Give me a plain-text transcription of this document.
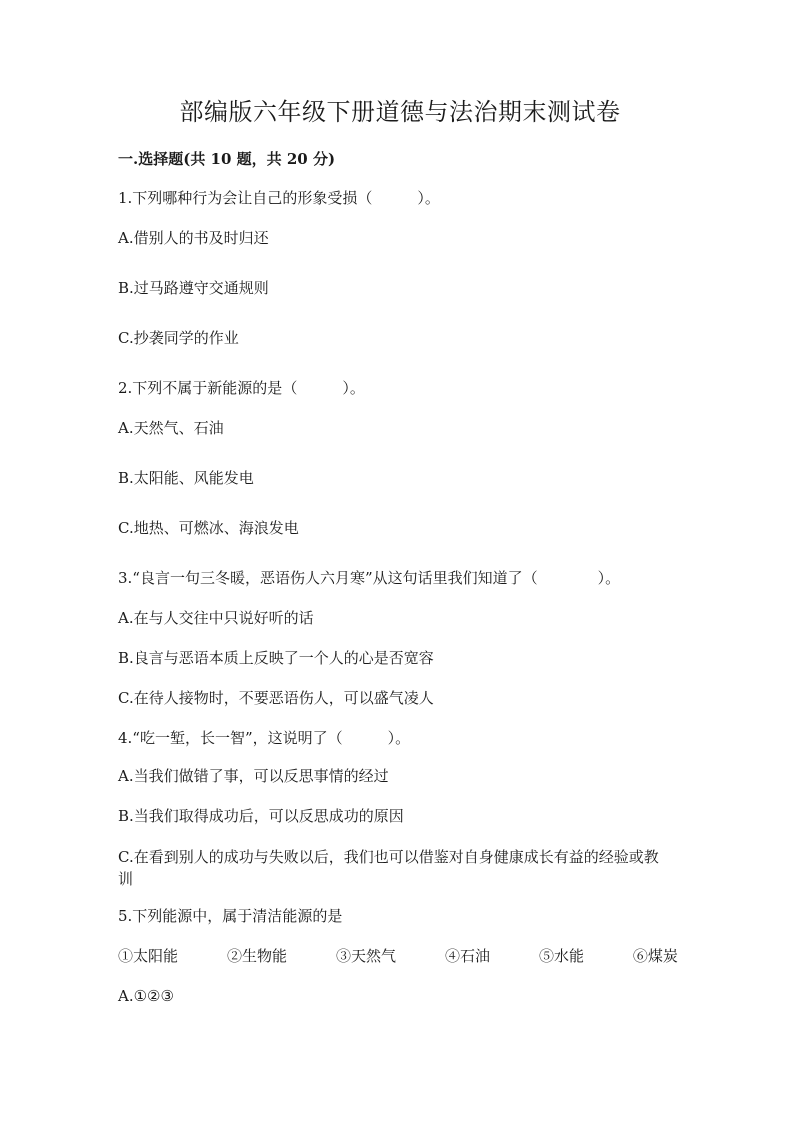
部编版六年级下册道德与法治期末测试卷
一.选择题(共 10 题，共 20 分)
1.下列哪种行为会让自己的形象受损（　　　）。
A.借别人的书及时归还
B.过马路遵守交通规则
C.抄袭同学的作业
2.下列不属于新能源的是（　　　）。
A.天然气、石油
B.太阳能、风能发电
C.地热、可燃冰、海浪发电
3.“良言一句三冬暖，恶语伤人六月寒”从这句话里我们知道了（　　　　）。
A.在与人交往中只说好听的话
B.良言与恶语本质上反映了一个人的心是否宽容
C.在待人接物时，不要恶语伤人，可以盛气凌人
4.“吃一堑，长一智”，这说明了（　　　）。
A.当我们做错了事，可以反思事情的经过
B.当我们取得成功后，可以反思成功的原因
C.在看到别人的成功与失败以后，我们也可以借鉴对自身健康成长有益的经验或教训
5.下列能源中，属于清洁能源的是
①太阳能	②生物能	③天然气	④石油	⑤水能	⑥煤炭
A.①②③
